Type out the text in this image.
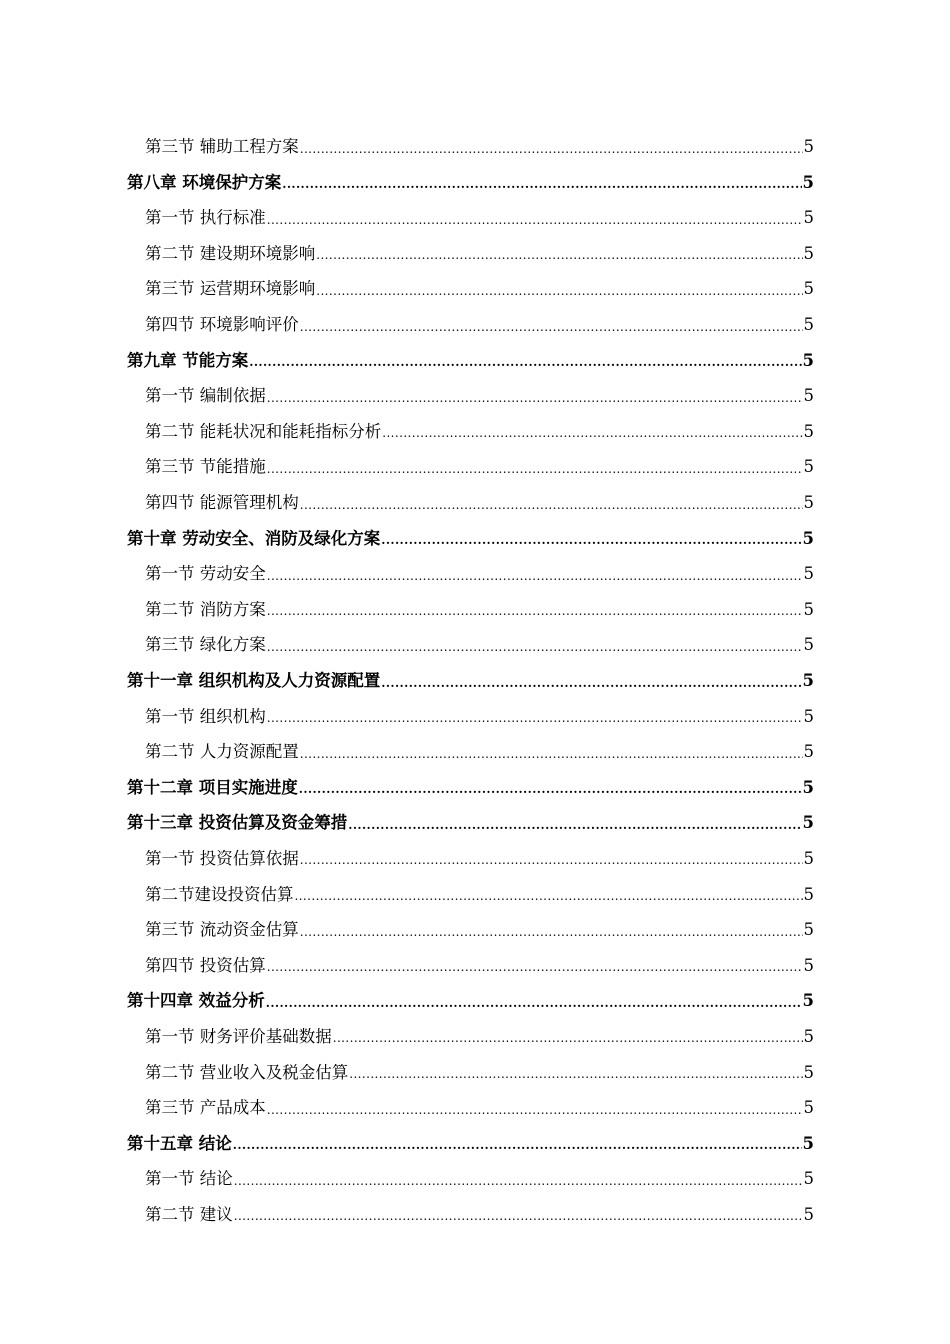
第三节 辅助工程方案 .....	5
第八章 环境保护方案 .....	5
第一节 执行标准 .....	5
第二节 建设期环境影响 .....	5
第三节 运营期环境影响 .....	5
第四节 环境影响评价 .....	5
第九章 节能方案 .....	5
第一节 编制依据 .....	5
第二节 能耗状况和能耗指标分析 .....	5
第三节 节能措施 .....	5
第四节 能源管理机构 .....	5
第十章 劳动安全、消防及绿化方案 .....	5
第一节 劳动安全 .....	5
第二节 消防方案 .....	5
第三节 绿化方案 .....	5
第十一章 组织机构及人力资源配置 .....	5
第一节 组织机构 .....	5
第二节 人力资源配置 .....	5
第十二章 项目实施进度 .....	5
第十三章 投资估算及资金筹措 .....	5
第一节 投资估算依据 .....	5
第二节建设投资估算 .....	5
第三节 流动资金估算 .....	5
第四节 投资估算 .....	5
第十四章 效益分析 .....	5
第一节 财务评价基础数据 .....	5
第二节 营业收入及税金估算 .....	5
第三节 产品成本 .....	5
第十五章 结论 .....	5
第一节 结论 .....	5
第二节 建议 .....	5
